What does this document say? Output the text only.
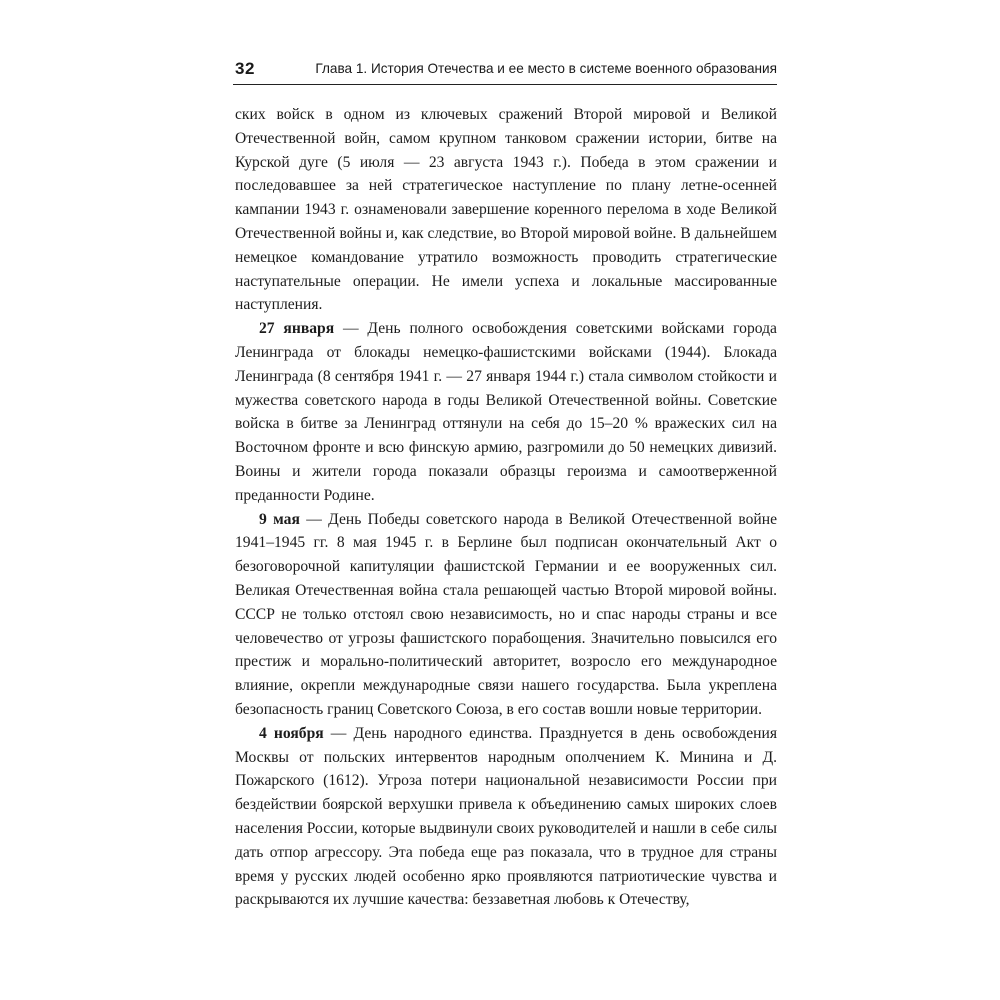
32	Глава 1. История Отечества и ее место в системе военного образования

ских войск в одном из ключевых сражений Второй мировой и Великой Отечественной войн, самом крупном танковом сражении истории, битве на Курской дуге (5 июля — 23 августа 1943 г.). Победа в этом сражении и последовавшее за ней стратегическое наступление по плану летне-осенней кампании 1943 г. ознаменовали завершение коренного перелома в ходе Великой Отечественной войны и, как следствие, во Второй мировой войне. В дальнейшем немецкое командование утратило возможность проводить стратегические наступательные операции. Не имели успеха и локальные массированные наступления.

27 января — День полного освобождения советскими войсками города Ленинграда от блокады немецко-фашистскими войсками (1944). Блокада Ленинграда (8 сентября 1941 г. — 27 января 1944 г.) стала символом стойкости и мужества советского народа в годы Великой Отечественной войны. Советские войска в битве за Ленинград оттянули на себя до 15–20 % вражеских сил на Восточном фронте и всю финскую армию, разгромили до 50 немецких дивизий. Воины и жители города показали образцы героизма и самоотверженной преданности Родине.

9 мая — День Победы советского народа в Великой Отечественной войне 1941–1945 гг. 8 мая 1945 г. в Берлине был подписан окончательный Акт о безоговорочной капитуляции фашистской Германии и ее вооруженных сил. Великая Отечественная война стала решающей частью Второй мировой войны. СССР не только отстоял свою независимость, но и спас народы страны и все человечество от угрозы фашистского порабощения. Значительно повысился его престиж и морально-политический авторитет, возросло его международное влияние, окрепли международные связи нашего государства. Была укреплена безопасность границ Советского Союза, в его состав вошли новые территории.

4 ноября — День народного единства. Празднуется в день освобождения Москвы от польских интервентов народным ополчением К. Минина и Д. Пожарского (1612). Угроза потери национальной независимости России при бездействии боярской верхушки привела к объединению самых широких слоев населения России, которые выдвинули своих руководителей и нашли в себе силы дать отпор агрессору. Эта победа еще раз показала, что в трудное для страны время у русских людей особенно ярко проявляются патриотические чувства и раскрываются их лучшие качества: беззаветная любовь к Отечеству,
